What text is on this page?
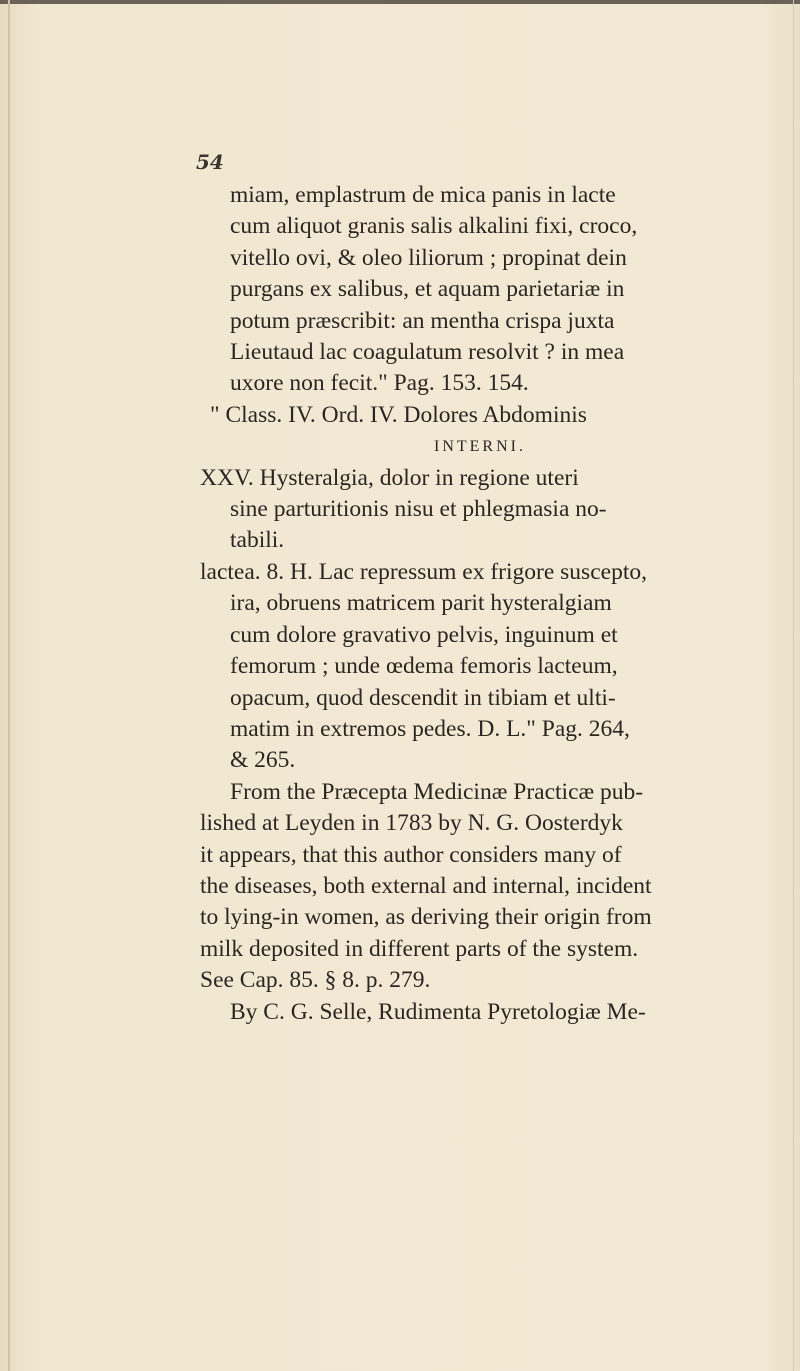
54
miam, emplastrum de mica panis in lacte
cum aliquot granis salis alkalini fixi, croco,
vitello ovi, & oleo liliorum ; propinat dein
purgans ex salibus, et aquam parietariæ in
potum præscribit: an mentha crispa juxta
Lieutaud lac coagulatum resolvit ? in mea
uxore non fecit." Pag. 153. 154.
" Class. IV. Ord. IV. Dolores Abdominis
INTERNI.
XXV. Hysteralgia, dolor in regione uteri
sine parturitionis nisu et phlegmasia no-
tabili.
lactea. 8. H. Lac repressum ex frigore suscepto,
ira, obruens matricem parit hysteralgiam
cum dolore gravativo pelvis, inguinum et
femorum ; unde œdema femoris lacteum,
opacum, quod descendit in tibiam et ulti-
matim in extremos pedes. D. L." Pag. 264,
& 265.
From the Præcepta Medicinæ Practicæ pub-
lished at Leyden in 1783 by N. G. Oosterdyk
it appears, that this author considers many of
the diseases, both external and internal, incident
to lying-in women, as deriving their origin from
milk deposited in different parts of the system.
See Cap. 85. § 8. p. 279.
By C. G. Selle, Rudimenta Pyretologiæ Me-
